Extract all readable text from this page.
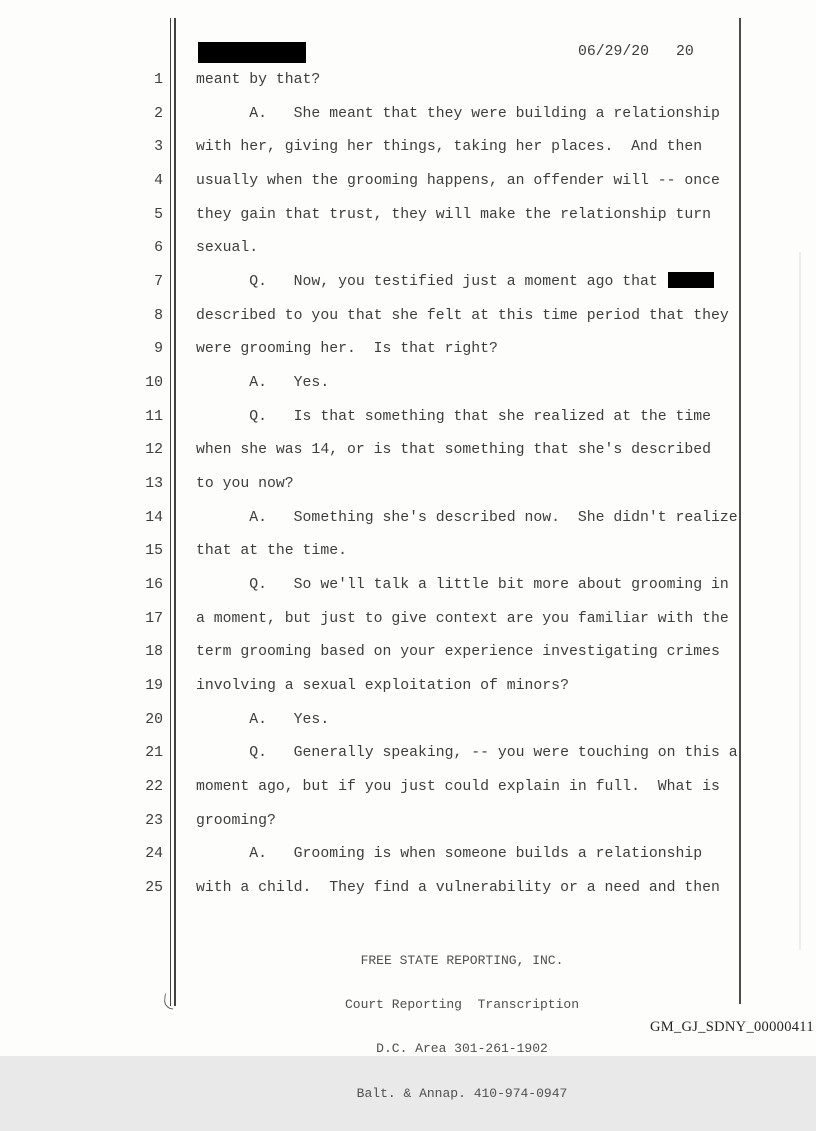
06/29/20 20
1 meant by that?
2 A.   She meant that they were building a relationship
3 with her, giving her things, taking her places.  And then
4 usually when the grooming happens, an offender will -- once
5 they gain that trust, they will make the relationship turn
6 sexual.
7 Q.   Now, you testified just a moment ago that
8 described to you that she felt at this time period that they
9 were grooming her.  Is that right?
10 A.   Yes.
11 Q.   Is that something that she realized at the time
12 when she was 14, or is that something that she's described
13 to you now?
14 A.   Something she's described now.  She didn't realize
15 that at the time.
16 Q.   So we'll talk a little bit more about grooming in
17 a moment, but just to give context are you familiar with the
18 term grooming based on your experience investigating crimes
19 involving a sexual exploitation of minors?
20 A.   Yes.
21 Q.   Generally speaking, -- you were touching on this a
22 moment ago, but if you just could explain in full.  What is
23 grooming?
24 A.   Grooming is when someone builds a relationship
25 with a child.  They find a vulnerability or a need and then

FREE STATE REPORTING, INC.

Court Reporting  Transcription

D.C. Area 301-261-1902

Balt. & Annap. 410-974-0947

GM_GJ_SDNY_00000411
